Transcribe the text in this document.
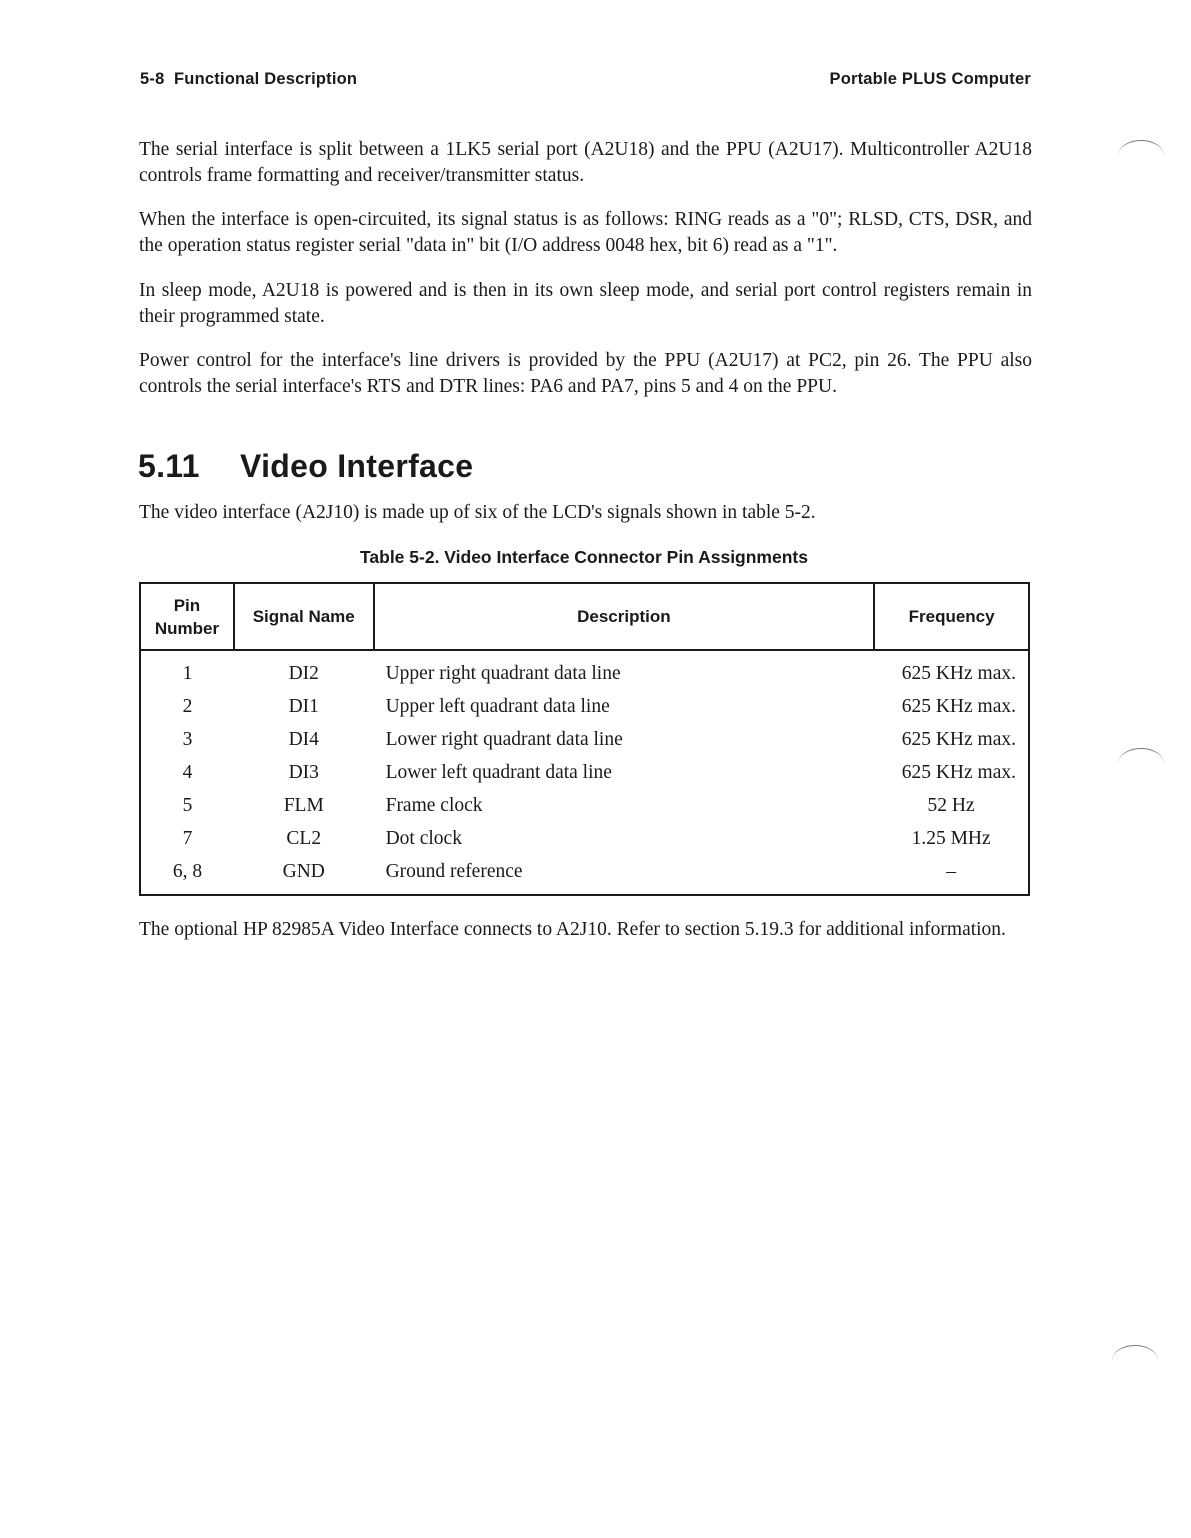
5-8  Functional Description	Portable PLUS Computer

The serial interface is split between a 1LK5 serial port (A2U18) and the PPU (A2U17). Multicontroller A2U18 controls frame formatting and receiver/transmitter status.

When the interface is open-circuited, its signal status is as follows: RING reads as a "0"; RLSD, CTS, DSR, and the operation status register serial "data in" bit (I/O address 0048 hex, bit 6) read as a "1".

In sleep mode, A2U18 is powered and is then in its own sleep mode, and serial port control registers remain in their programmed state.

Power control for the interface's line drivers is provided by the PPU (A2U17) at PC2, pin 26. The PPU also controls the serial interface's RTS and DTR lines: PA6 and PA7, pins 5 and 4 on the PPU.

5.11 Video Interface

The video interface (A2J10) is made up of six of the LCD's signals shown in table 5-2.

Table 5-2. Video Interface Connector Pin Assignments
Pin
Number	Signal Name	Description	Frequency
1	DI2	Upper right quadrant data line	625 KHz max.
2	DI1	Upper left quadrant data line	625 KHz max.
3	DI4	Lower right quadrant data line	625 KHz max.
4	DI3	Lower left quadrant data line	625 KHz max.
5	FLM	Frame clock	52 Hz
7	CL2	Dot clock	1.25 MHz
6, 8	GND	Ground reference	–

The optional HP 82985A Video Interface connects to A2J10. Refer to section 5.19.3 for additional information.
